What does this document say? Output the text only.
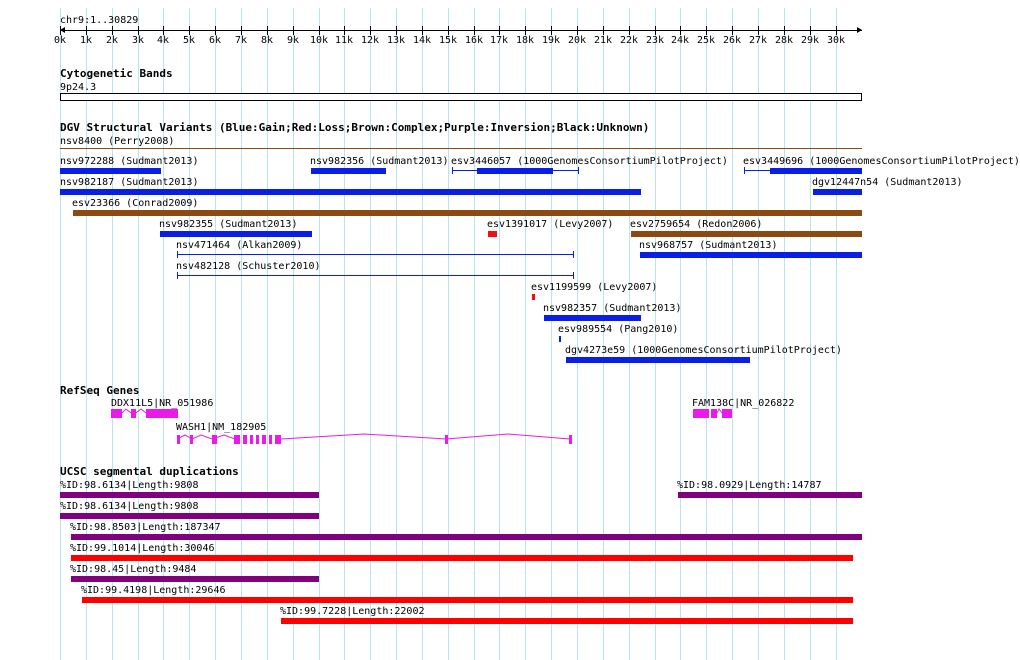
chr9:1..30829
0k 1k 2k 3k 4k 5k 6k 7k 8k 9k 10k 11k 12k 13k 14k 15k 16k 17k 18k 19k 20k 21k 22k 23k 24k 25k 26k 27k 28k 29k 30k
Cytogenetic Bands
9p24.3
DGV Structural Variants (Blue:Gain;Red:Loss;Brown:Complex;Purple:Inversion;Black:Unknown)
nsv8400 (Perry2008)
nsv972288 (Sudmant2013)	nsv982356 (Sudmant2013) esv3446057 (1000GenomesConsortiumPilotProject) esv3449696 (1000GenomesConsortiumPilotProject)
nsv982187 (Sudmant2013)	dgv12447n54 (Sudmant2013)
esv23366 (Conrad2009)
nsv982355 (Sudmant2013)	esv1391017 (Levy2007) esv2759654 (Redon2006)
nsv471464 (Alkan2009)	nsv968757 (Sudmant2013)
nsv482128 (Schuster2010)
esv1199599 (Levy2007)
nsv982357 (Sudmant2013)
esv989554 (Pang2010)
dgv4273e59 (1000GenomesConsortiumPilotProject)
RefSeq Genes
DDX11L5|NR_051986
WASH1|NM_182905
FAM138C|NR_026822
UCSC segmental duplications
%ID:98.6134|Length:9808	%ID:98.0929|Length:14787
%ID:98.6134|Length:9808
%ID:98.8503|Length:187347
%ID:99.1014|Length:30046
%ID:98.45|Length:9484
%ID:99.4198|Length:29646
%ID:99.7228|Length:22002
